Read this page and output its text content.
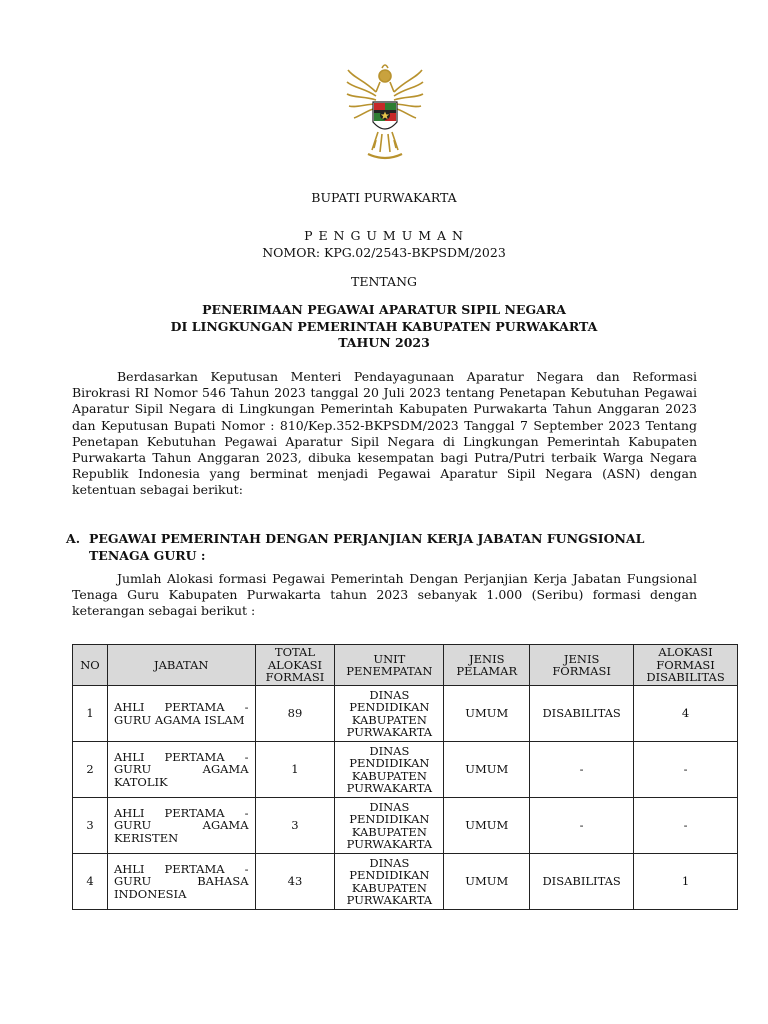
BUPATI PURWAKARTA
P E N G U M U M A N
NOMOR: KPG.02/2543-BKPSDM/2023
TENTANG
PENERIMAAN PEGAWAI APARATUR SIPIL NEGARA
DI LINGKUNGAN PEMERINTAH KABUPATEN PURWAKARTA
TAHUN 2023
Berdasarkan Keputusan Menteri Pendayagunaan Aparatur Negara dan Reformasi Birokrasi RI Nomor 546 Tahun 2023 tanggal 20 Juli 2023 tentang Penetapan Kebutuhan Pegawai Aparatur Sipil Negara di Lingkungan Pemerintah Kabupaten Purwakarta Tahun Anggaran 2023 dan Keputusan Bupati Nomor : 810/Kep.352-BKPSDM/2023 Tanggal 7 September 2023 Tentang Penetapan Kebutuhan Pegawai Aparatur Sipil Negara di Lingkungan Pemerintah Kabupaten Purwakarta Tahun Anggaran 2023, dibuka kesempatan bagi Putra/Putri terbaik Warga Negara Republik Indonesia yang berminat menjadi Pegawai Aparatur Sipil Negara (ASN) dengan ketentuan sebagai berikut:
A. PEGAWAI PEMERINTAH DENGAN PERJANJIAN KERJA JABATAN FUNGSIONAL TENAGA GURU :
Jumlah Alokasi formasi Pegawai Pemerintah Dengan Perjanjian Kerja Jabatan Fungsional Tenaga Guru Kabupaten Purwakarta tahun 2023 sebanyak 1.000 (Seribu) formasi dengan keterangan sebagai berikut :
NO	JABATAN	TOTAL ALOKASI FORMASI	UNIT PENEMPATAN	JENIS PELAMAR	JENIS FORMASI	ALOKASI FORMASI DISABILITAS
1	AHLI PERTAMA - GURU AGAMA ISLAM	89	DINAS PENDIDIKAN KABUPATEN PURWAKARTA	UMUM	DISABILITAS	4
2	AHLI PERTAMA - GURU AGAMA KATOLIK	1	DINAS PENDIDIKAN KABUPATEN PURWAKARTA	UMUM	-	-
3	AHLI PERTAMA - GURU AGAMA KERISTEN	3	DINAS PENDIDIKAN KABUPATEN PURWAKARTA	UMUM	-	-
4	AHLI PERTAMA - GURU BAHASA INDONESIA	43	DINAS PENDIDIKAN KABUPATEN PURWAKARTA	UMUM	DISABILITAS	1
